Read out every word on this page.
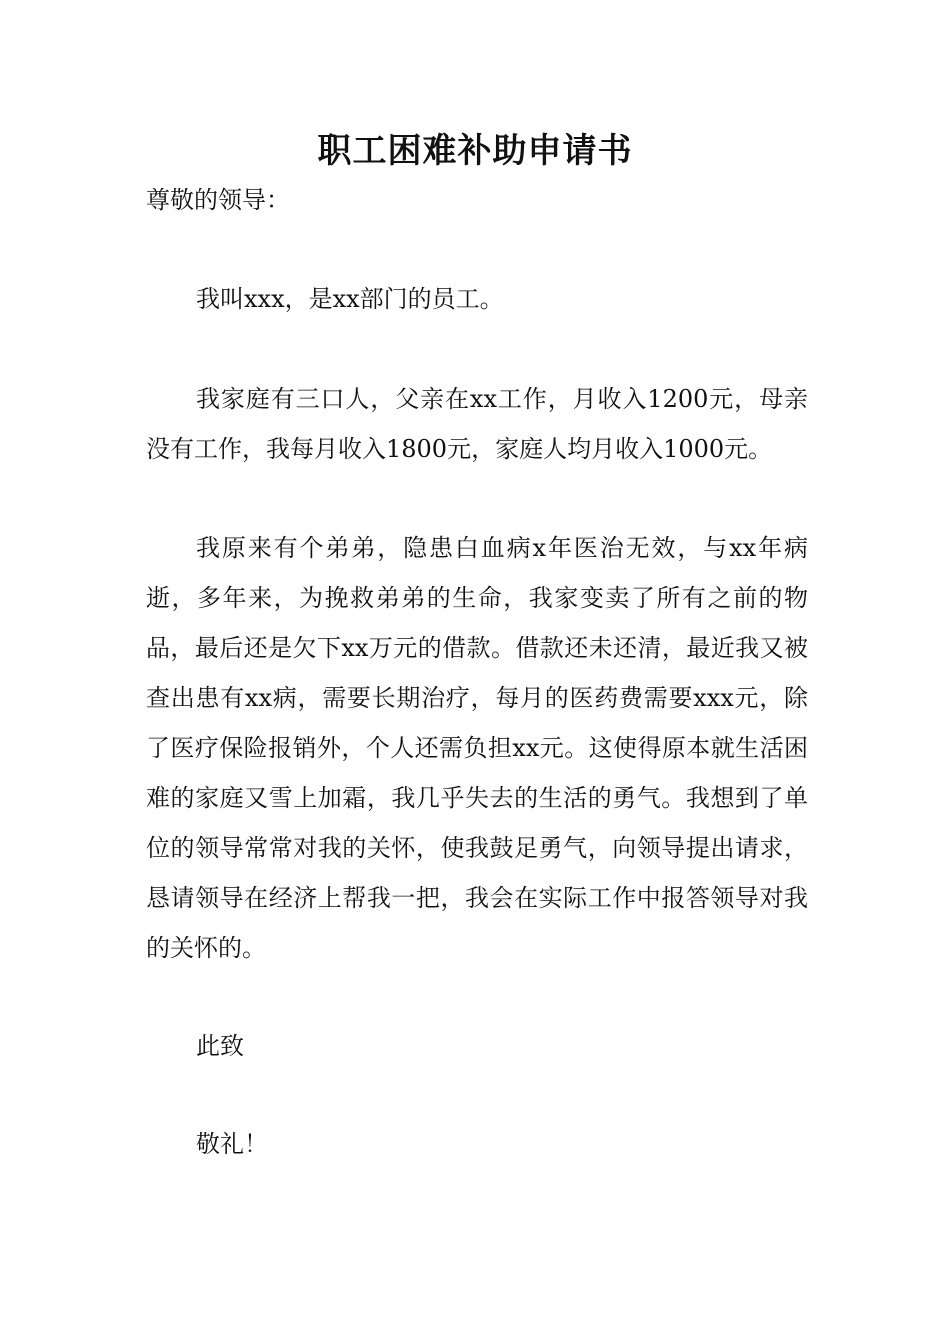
职工困难补助申请书
尊敬的领导：
我叫xxx，是xx部门的员工。
我家庭有三口人，父亲在xx工作，月收入1200元，母亲没有工作，我每月收入1800元，家庭人均月收入1000元。
我原来有个弟弟，隐患白血病x年医治无效，与xx年病逝，多年来，为挽救弟弟的生命，我家变卖了所有之前的物品，最后还是欠下xx万元的借款。借款还未还清，最近我又被查出患有xx病，需要长期治疗，每月的医药费需要xxx元，除了医疗保险报销外，个人还需负担xx元。这使得原本就生活困难的家庭又雪上加霜，我几乎失去的生活的勇气。我想到了单位的领导常常对我的关怀，使我鼓足勇气，向领导提出请求，恳请领导在经济上帮我一把，我会在实际工作中报答领导对我的关怀的。
此致
敬礼！
